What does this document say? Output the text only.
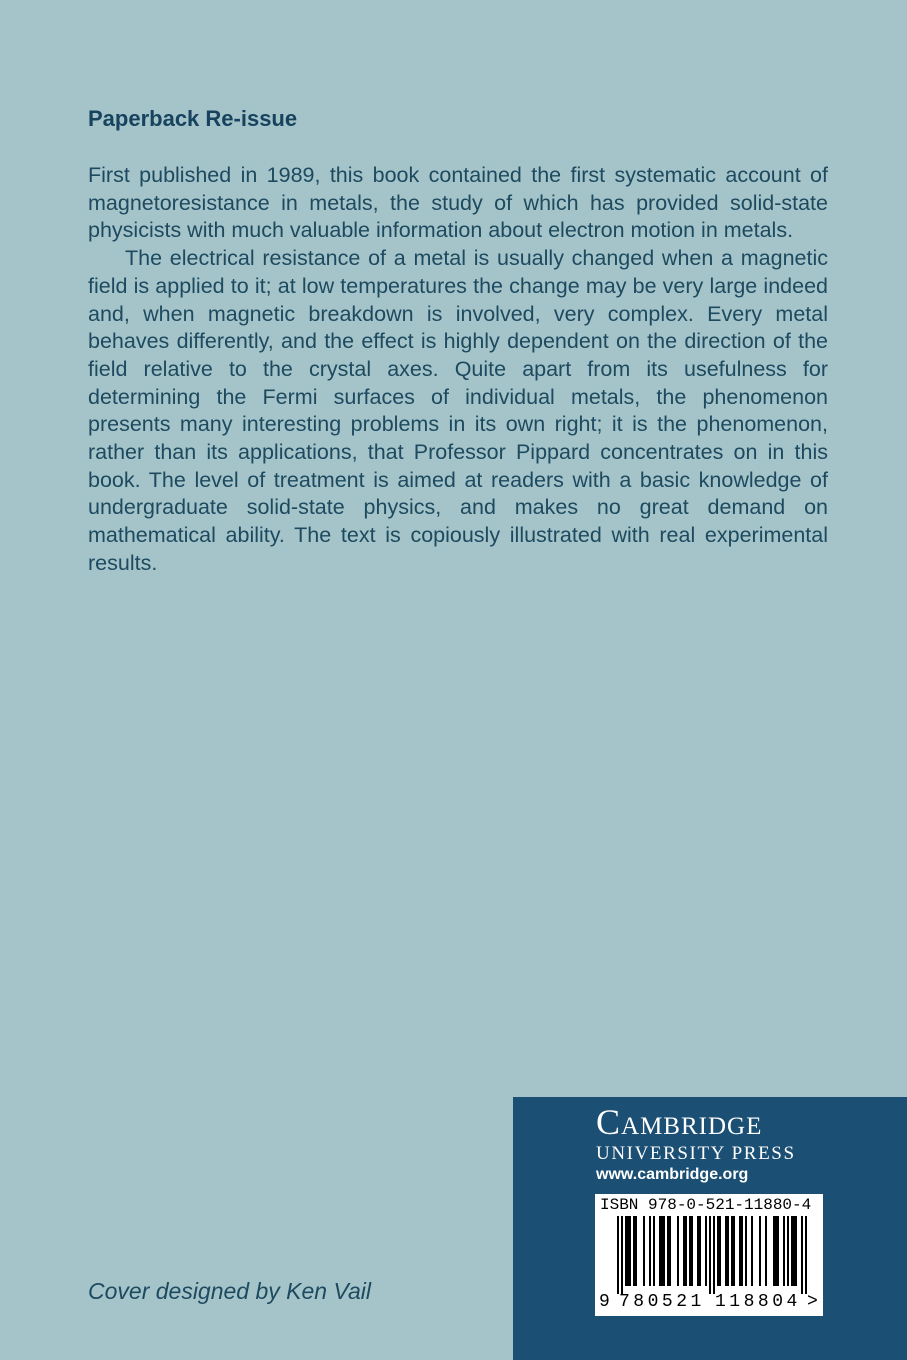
Paperback Re-issue

First published in 1989, this book contained the first systematic account of magnetoresistance in metals, the study of which has provided solid-state physicists with much valuable information about electron motion in metals.

The electrical resistance of a metal is usually changed when a magnetic field is applied to it; at low temperatures the change may be very large indeed and, when magnetic breakdown is involved, very complex. Every metal behaves differently, and the effect is highly dependent on the direction of the field relative to the crystal axes. Quite apart from its usefulness for determining the Fermi surfaces of individual metals, the phenomenon presents many interesting problems in its own right; it is the phenomenon, rather than its applications, that Professor Pippard concentrates on in this book. The level of treatment is aimed at readers with a basic knowledge of undergraduate solid-state physics, and makes no great demand on mathematical ability. The text is copiously illustrated with real experimental results.

Cover designed by Ken Vail
Cambridge
UNIVERSITY PRESS
www.cambridge.org
ISBN 978-0-521-11880-4
9 780521 118804 >
